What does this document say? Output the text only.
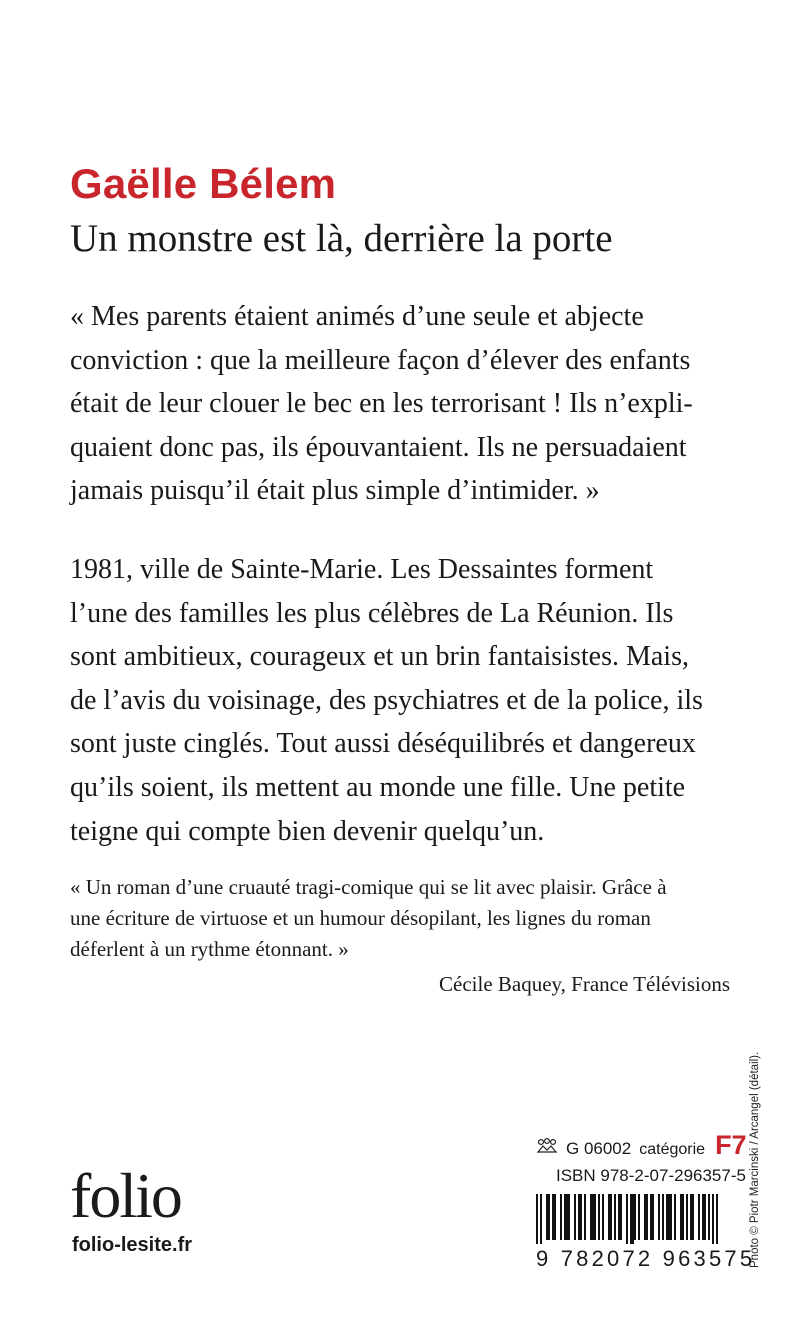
Gaëlle Bélem
Un monstre est là, derrière la porte
« Mes parents étaient animés d’une seule et abjecte
conviction : que la meilleure façon d’élever des enfants
était de leur clouer le bec en les terrorisant ! Ils n’expli-
quaient donc pas, ils épouvantaient. Ils ne persuadaient
jamais puisqu’il était plus simple d’intimider. »
1981, ville de Sainte-Marie. Les Dessaintes forment
l’une des familles les plus célèbres de La Réunion. Ils
sont ambitieux, courageux et un brin fantaisistes. Mais,
de l’avis du voisinage, des psychiatres et de la police, ils
sont juste cinglés. Tout aussi déséquilibrés et dangereux
qu’ils soient, ils mettent au monde une fille. Une petite
teigne qui compte bien devenir quelqu’un.
« Un roman d’une cruauté tragi-comique qui se lit avec plaisir. Grâce à
une écriture de virtuose et un humour désopilant, les lignes du roman
déferlent à un rythme étonnant. »
Cécile Baquey, France Télévisions
folio
folio-lesite.fr
G 06002 catégorie F7
ISBN 978-2-07-296357-5
9 782072 963575
Photo © Piotr Marcinski / Arcangel (détail).
